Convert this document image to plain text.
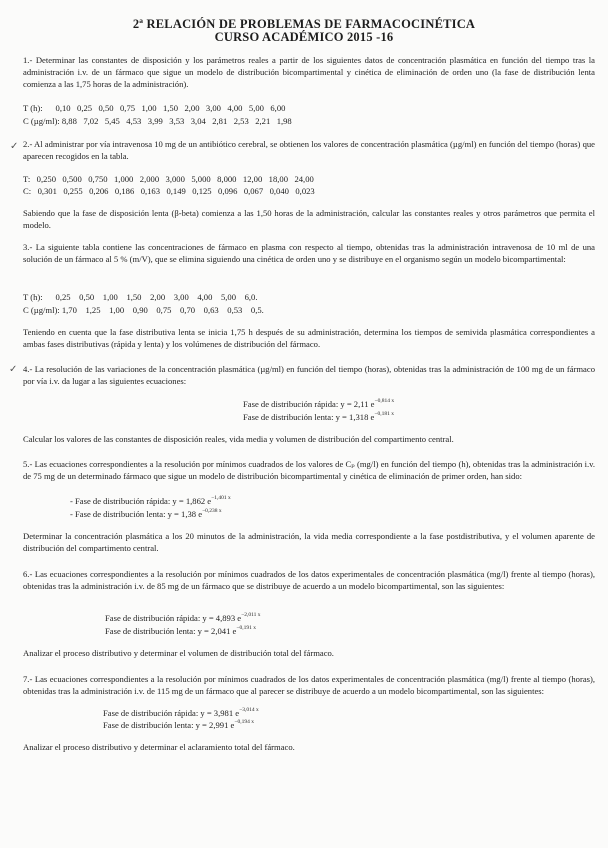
2ª RELACIÓN DE PROBLEMAS DE FARMACOCINÉTICA
CURSO ACADÉMICO 2015 -16

1.- Determinar las constantes de disposición y los parámetros reales a partir de los siguientes datos de concentración plasmática en función del tiempo tras la administración i.v. de un fármaco que sigue un modelo de distribución bicompartimental y cinética de eliminación de orden uno (la fase de distribución lenta comienza a las 1,75 horas de la administración).

T (h):      0,10   0,25   0,50   0,75   1,00   1,50   2,00   3,00   4,00   5,00   6,00

C (µg/ml): 8,88   7,02   5,45   4,53   3,99   3,53   3,04   2,81   2,53   2,21   1,98

✓ 2.- Al administrar por vía intravenosa 10 mg de un antibiótico cerebral, se obtienen los valores de concentración plasmática (µg/ml) en función del tiempo (horas) que aparecen recogidos en la tabla.

T:   0,250   0,500   0,750   1,000   2,000   3,000   5,000   8,000   12,00   18,00   24,00

C:   0,301   0,255   0,206   0,186   0,163   0,149   0,125   0,096   0,067   0,040   0,023

Sabiendo que la fase de disposición lenta (β-beta) comienza a las 1,50 horas de la administración, calcular las constantes reales y otros parámetros que permita el modelo.

3.- La siguiente tabla contiene las concentraciones de fármaco en plasma con respecto al tiempo, obtenidas tras la administración intravenosa de 10 ml de una solución de un fármaco al 5 % (m/V), que se elimina siguiendo una cinética de orden uno y se distribuye en el organismo según un modelo bicompartimental:

T (h):      0,25    0,50    1,00    1,50    2,00    3,00    4,00    5,00    6,0.

C (µg/ml): 1,70    1,25    1,00    0,90    0,75    0,70    0,63    0,53    0,5.

Teniendo en cuenta que la fase distributiva lenta se inicia 1,75 h después de su administración, determina los tiempos de semivida plasmática correspondientes a ambas fases distributivas (rápida y lenta) y los volúmenes de distribución del fármaco.

✓ 4.- La resolución de las variaciones de la concentración plasmática (µg/ml) en función del tiempo (horas), obtenidas tras la administración de 100 mg de un fármaco por vía i.v. da lugar a las siguientes ecuaciones:

Fase de distribución rápida: y = 2,11 $e^{-0,814 x}$
Fase de distribución lenta: y = 1,318 $e^{-0,181 x}$

Calcular los valores de las constantes de disposición reales, vida media y volumen de distribución del compartimento central.

5.- Las ecuaciones correspondientes a la resolución por mínimos cuadrados de los valores de Cₚ (mg/l) en función del tiempo (h), obtenidas tras la administración i.v. de 75 mg de un determinado fármaco que sigue un modelo de distribución bicompartimental y cinética de eliminación de primer orden, han sido:

- Fase de distribución rápida: y = 1,862 $e^{-1,401 x}$
- Fase de distribución lenta: y = 1,38 $e^{-0,238 x}$

Determinar la concentración plasmática a los 20 minutos de la administración, la vida media correspondiente a la fase postdistributiva, y el volumen aparente de distribución del compartimento central.

6.- Las ecuaciones correspondientes a la resolución por mínimos cuadrados de los datos experimentales de concentración plasmática (mg/l) frente al tiempo (horas), obtenidas tras la administración i.v. de 85 mg de un fármaco que se distribuye de acuerdo a un modelo bicompartimental, son las siguientes:

Fase de distribución rápida: y = 4,893 $e^{-2,011 x}$
Fase de distribución lenta: y = 2,041 $e^{-0,191 x}$

Analizar el proceso distributivo y determinar el volumen de distribución total del fármaco.

7.- Las ecuaciones correspondientes a la resolución por mínimos cuadrados de los datos experimentales de concentración plasmática (mg/l) frente al tiempo (horas), obtenidas tras la administración i.v. de 115 mg de un fármaco que al parecer se distribuye de acuerdo a un modelo bicompartimental, son las siguientes:

Fase de distribución rápida: y = 3,981 $e^{-3,014 x}$
Fase de distribución lenta: y = 2,991 $e^{-0,194 x}$

Analizar el proceso distributivo y determinar el aclaramiento total del fármaco.
